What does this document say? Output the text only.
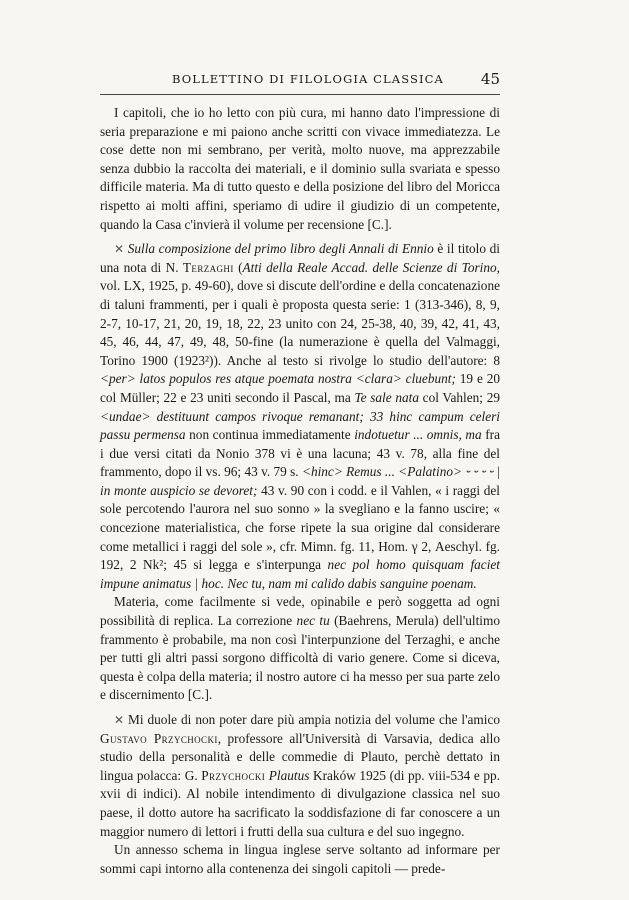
BOLLETTINO DI FILOLOGIA CLASSICA 45

I capitoli, che io ho letto con più cura, mi hanno dato l'impressione di seria preparazione e mi paiono anche scritti con vivace immediatezza. Le cose dette non mi sembrano, per verità, molto nuove, ma apprezzabile senza dubbio la raccolta dei materiali, e il dominio sulla svariata e spesso difficile materia. Ma di tutto questo e della posizione del libro del Moricca rispetto ai molti affini, speriamo di udire il giudizio di un competente, quando la Casa c'invierà il volume per recensione [C.].

✕ Sulla composizione del primo libro degli Annali di Ennio è il titolo di una nota di N. Terzaghi (Atti della Reale Accad. delle Scienze di Torino, vol. LX, 1925, p. 49-60), dove si discute dell'ordine e della concatenazione di taluni frammenti, per i quali è proposta questa serie: 1 (313-346), 8, 9, 2-7, 10-17, 21, 20, 19, 18, 22, 23 unito con 24, 25-38, 40, 39, 42, 41, 43, 45, 46, 44, 47, 49, 48, 50-fine (la numerazione è quella del Valmaggi, Torino 1900 (1923²)). Anche al testo si rivolge lo studio dell'autore: 8 <per> latos populos res atque poemata nostra <clara> cluebunt; 19 e 20 col Müller; 22 e 23 uniti secondo il Pascal, ma Te sale nata col Vahlen; 29 <undae> destituunt campos rivoque remanant; 33 hinc campum celeri passu permensa non continua immediatamente indotuetur ... omnis, ma fra i due versi citati da Nonio 378 vi è una lacuna; 43 v. 78, alla fine del frammento, dopo il vs. 96; 43 v. 79 s. <hinc> Remus ... <Palatino> ⏑ ⏑ ⏑ ⏑ | in monte auspicio se devoret; 43 v. 90 con i codd. e il Vahlen, « i raggi del sole percotendo l'aurora nel suo sonno » la svegliano e la fanno uscire; « concezione materialistica, che forse ripete la sua origine dal considerare come metallici i raggi del sole », cfr. Mimn. fg. 11, Hom. γ 2, Aeschyl. fg. 192, 2 Nk²; 45 si legga e s'interpunga nec pol homo quisquam faciet impune animatus | hoc. Nec tu, nam mi calido dabis sanguine poenam.

Materia, come facilmente si vede, opinabile e però soggetta ad ogni possibilità di replica. La correzione nec tu (Baehrens, Merula) dell'ultimo frammento è probabile, ma non così l'interpunzione del Terzaghi, e anche per tutti gli altri passi sorgono difficoltà di vario genere. Come si diceva, questa è colpa della materia; il nostro autore ci ha messo per sua parte zelo e discernimento [C.].

✕ Mi duole di non poter dare più ampia notizia del volume che l'amico Gustavo Przychocki, professore all'Università di Varsavia, dedica allo studio della personalità e delle commedie di Plauto, perchè dettato in lingua polacca: G. Przychocki Plautus Kraków 1925 (di pp. viii-534 e pp. xvii di indici). Al nobile intendimento di divulgazione classica nel suo paese, il dotto autore ha sacrificato la soddisfazione di far conoscere a un maggior numero di lettori i frutti della sua cultura e del suo ingegno.

Un annesso schema in lingua inglese serve soltanto ad informare per sommi capi intorno alla contenenza dei singoli capitoli — prede-
